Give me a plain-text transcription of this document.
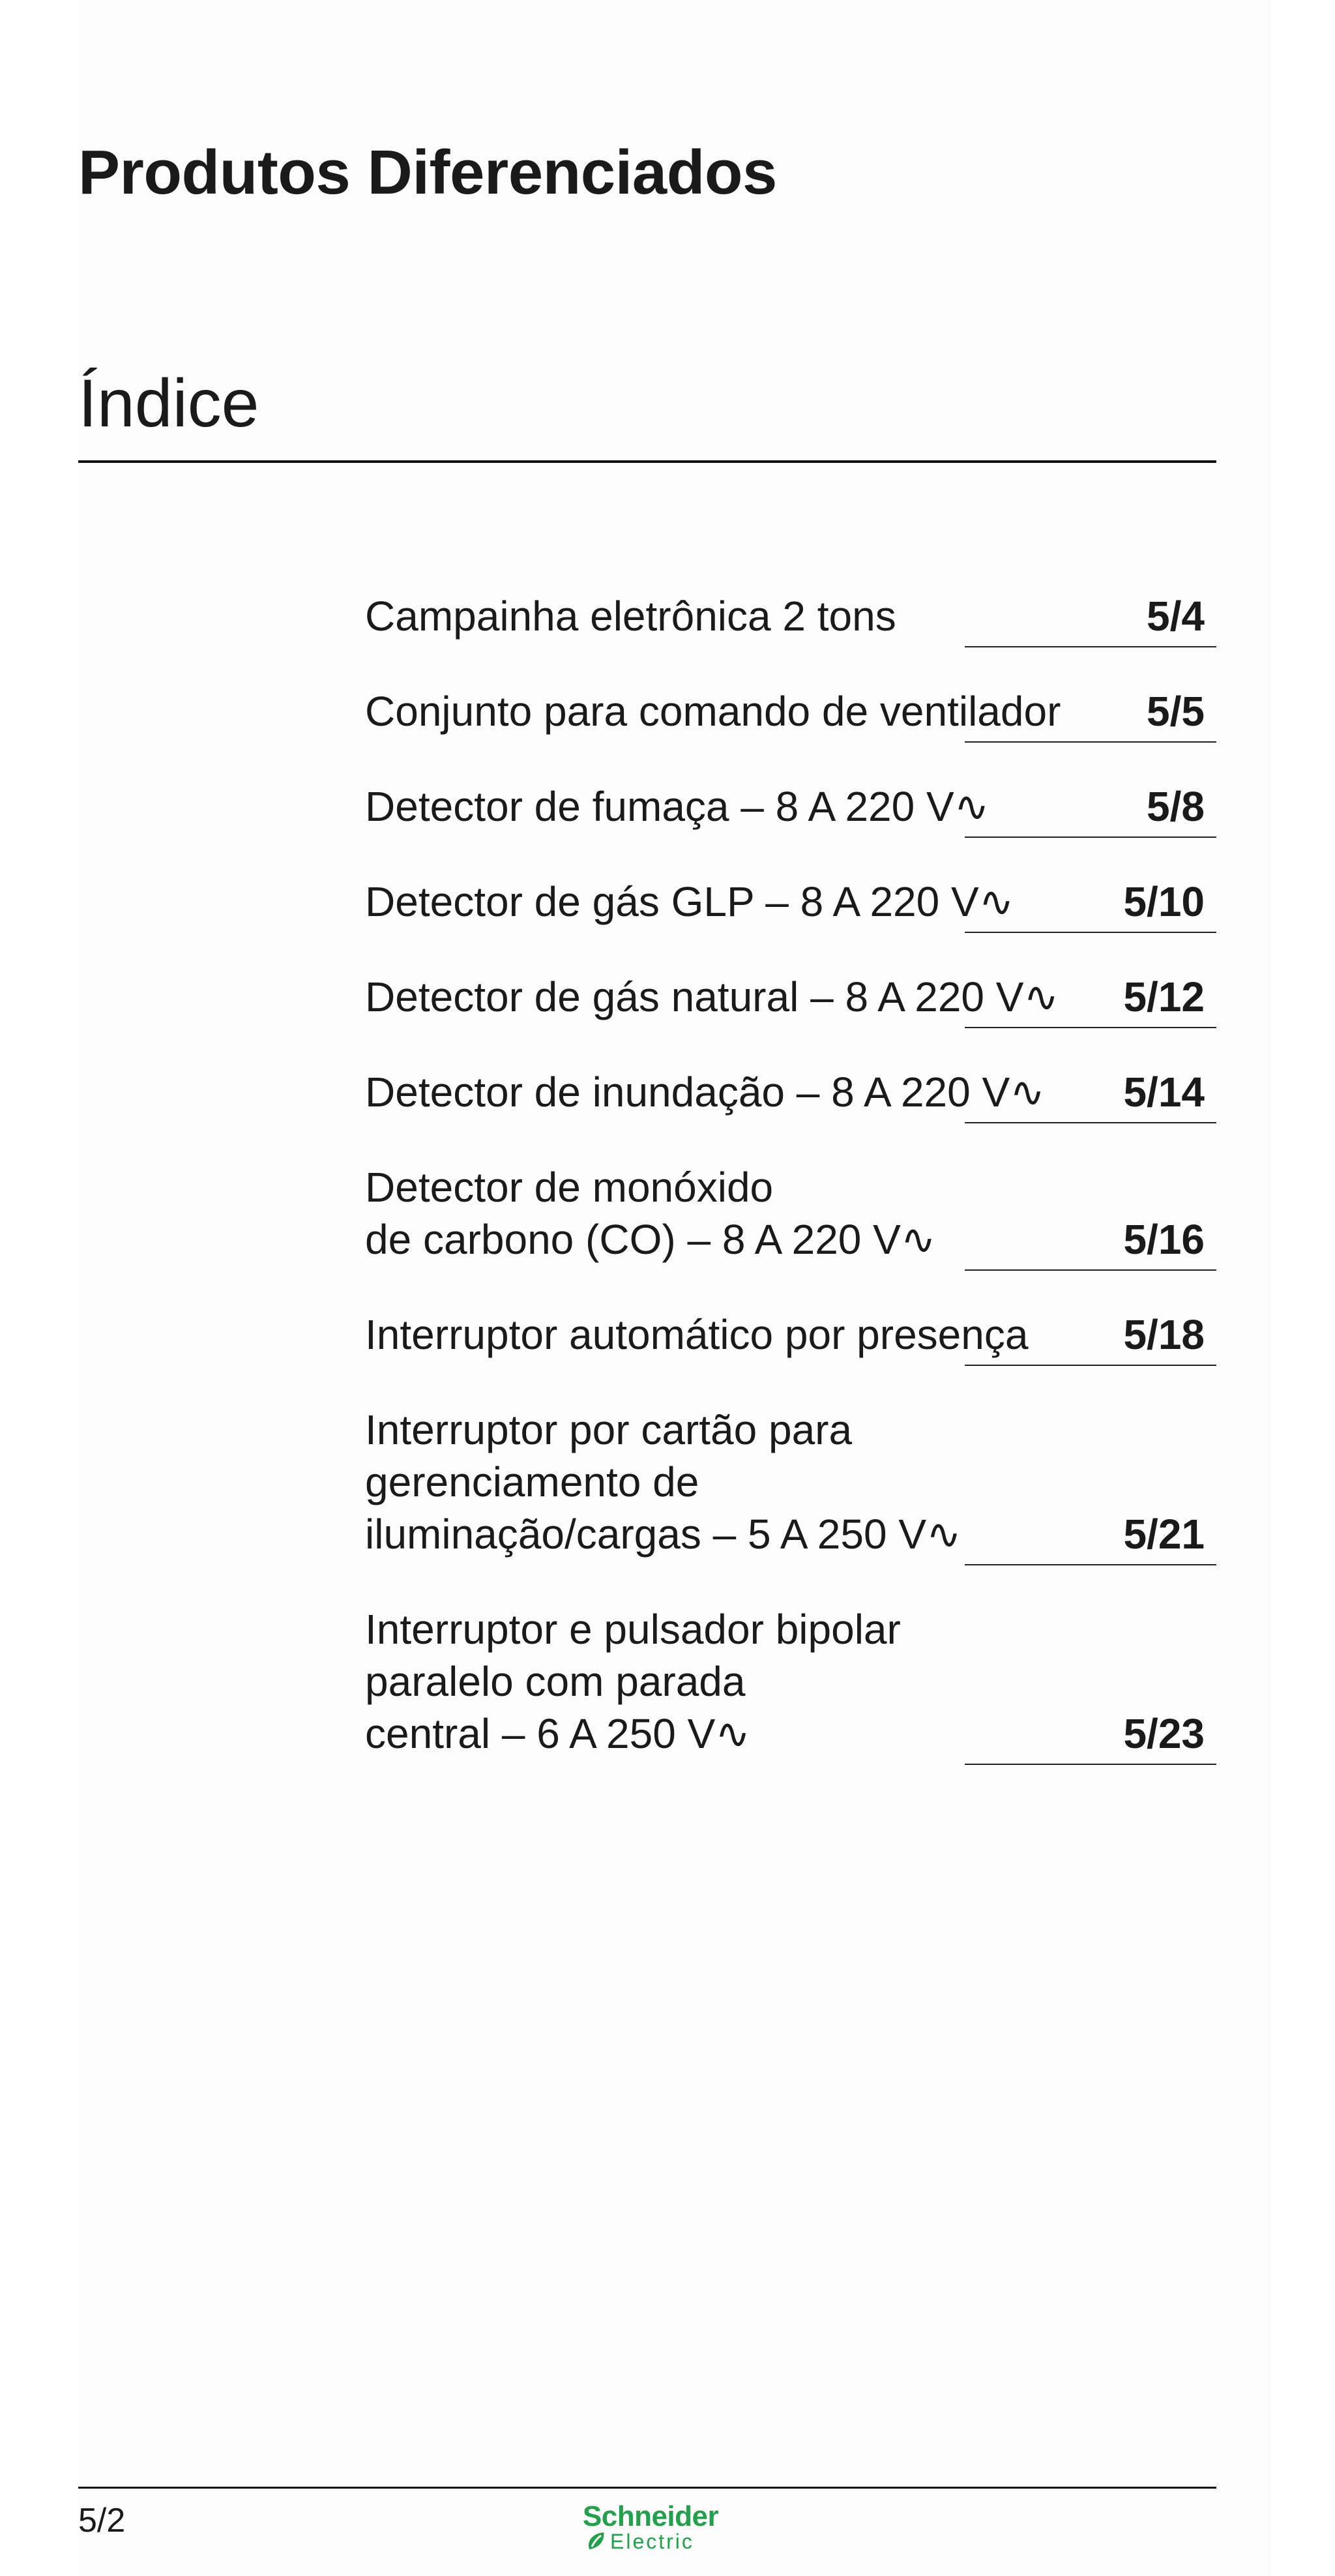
Produtos Diferenciados
Índice
Campainha eletrônica 2 tons	5/4
Conjunto para comando de ventilador	5/5
Detector de fumaça – 8 A 220 V∿	5/8
Detector de gás GLP – 8 A 220 V∿	5/10
Detector de gás natural – 8 A 220 V∿	5/12
Detector de inundação – 8 A 220 V∿	5/14
Detector de monóxido
de carbono (CO) – 8 A 220 V∿	5/16
Interruptor automático por presença	5/18
Interruptor por cartão para
gerenciamento de
iluminação/cargas – 5 A 250 V∿	5/21
Interruptor e pulsador bipolar
paralelo com parada
central – 6 A 250 V∿	5/23
5/2	Schneider
Electric
